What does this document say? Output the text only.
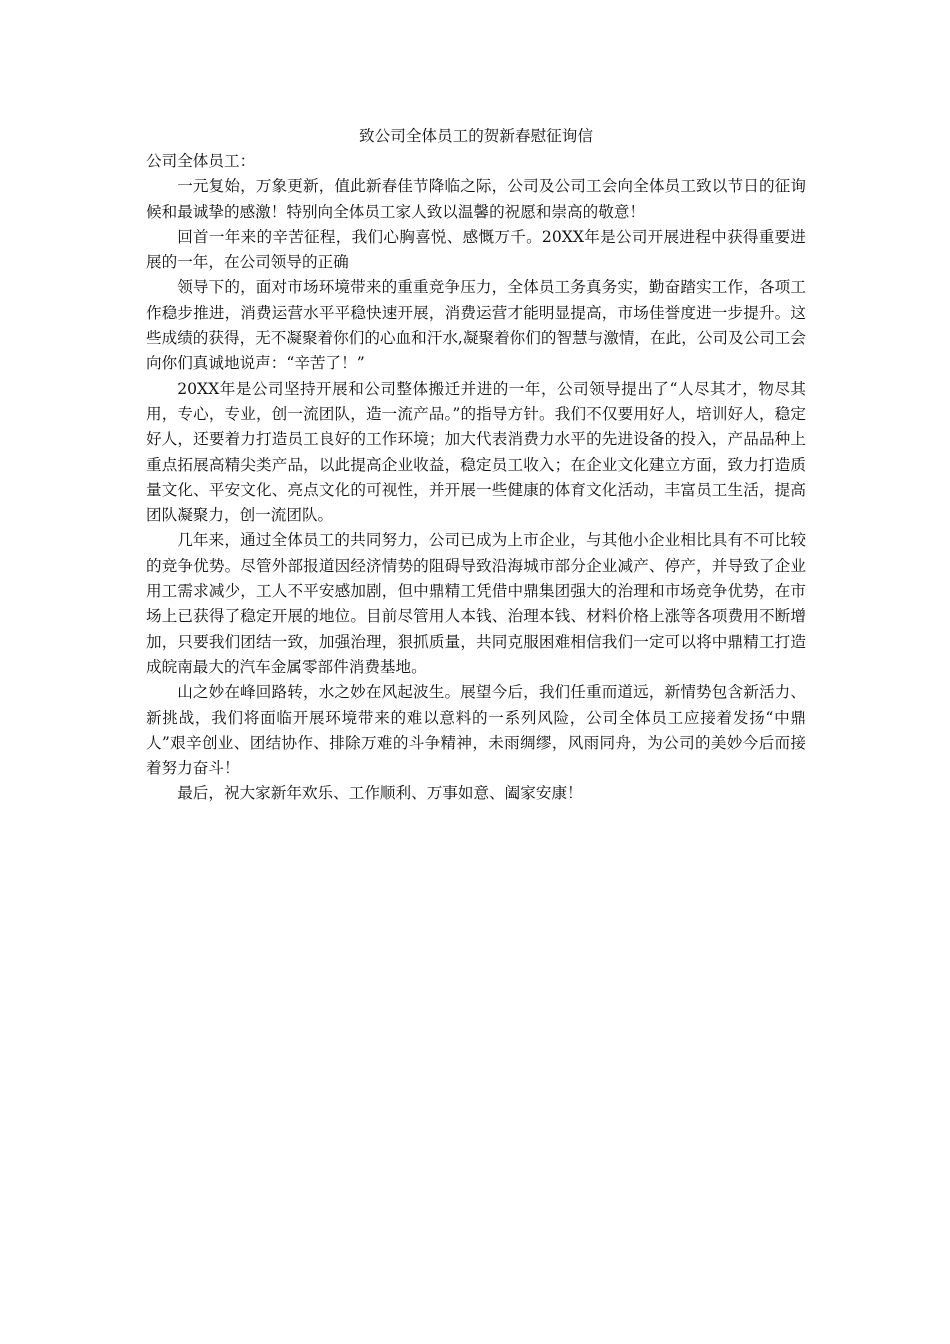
致公司全体员工的贺新春慰征询信

公司全体员工：

一元复始，万象更新，值此新春佳节降临之际，公司及公司工会向全体员工致以节日的征询候和最诚挚的感激！特别向全体员工家人致以温馨的祝愿和崇高的敬意！

回首一年来的辛苦征程，我们心胸喜悦、感慨万千。20XX年是公司开展进程中获得重要进展的一年，在公司领导的正确

领导下的，面对市场环境带来的重重竞争压力，全体员工务真务实，勤奋踏实工作，各项工作稳步推进，消费运营水平平稳快速开展，消费运营才能明显提高，市场佳誉度进一步提升。这些成绩的获得，无不凝聚着你们的心血和汗水,凝聚着你们的智慧与激情，在此，公司及公司工会向你们真诚地说声：“辛苦了！”

20XX年是公司坚持开展和公司整体搬迁并进的一年，公司领导提出了“人尽其才，物尽其用，专心，专业，创一流团队，造一流产品。”的指导方针。我们不仅要用好人，培训好人，稳定好人，还要着力打造员工良好的工作环境；加大代表消费力水平的先进设备的投入，产品品种上重点拓展高精尖类产品，以此提高企业收益，稳定员工收入；在企业文化建立方面，致力打造质量文化、平安文化、亮点文化的可视性，并开展一些健康的体育文化活动，丰富员工生活，提高团队凝聚力，创一流团队。

几年来，通过全体员工的共同努力，公司已成为上市企业，与其他小企业相比具有不可比较的竞争优势。尽管外部报道因经济情势的阻碍导致沿海城市部分企业减产、停产，并导致了企业用工需求减少，工人不平安感加剧，但中鼎精工凭借中鼎集团强大的治理和市场竞争优势，在市场上已获得了稳定开展的地位。目前尽管用人本钱、治理本钱、材料价格上涨等各项费用不断增加，只要我们团结一致，加强治理，狠抓质量，共同克服困难相信我们一定可以将中鼎精工打造成皖南最大的汽车金属零部件消费基地。

山之妙在峰回路转，水之妙在风起波生。展望今后，我们任重而道远，新情势包含新活力、新挑战，我们将面临开展环境带来的难以意料的一系列风险，公司全体员工应接着发扬“中鼎人”艰辛创业、团结协作、排除万难的斗争精神，未雨绸缪，风雨同舟，为公司的美妙今后而接着努力奋斗！

最后，祝大家新年欢乐、工作顺利、万事如意、阖家安康！
